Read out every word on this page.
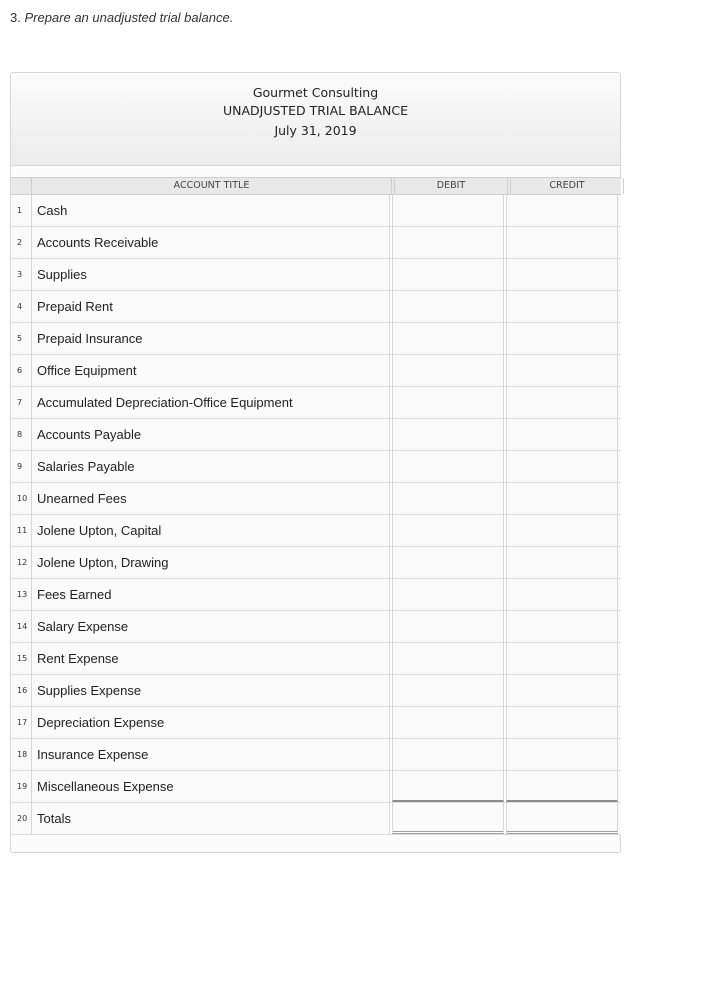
3. Prepare an unadjusted trial balance.
Gourmet Consulting
UNADJUSTED TRIAL BALANCE
July 31, 2019
ACCOUNT TITLE	DEBIT	CREDIT
1	Cash
2	Accounts Receivable
3	Supplies
4	Prepaid Rent
5	Prepaid Insurance
6	Office Equipment
7	Accumulated Depreciation-Office Equipment
8	Accounts Payable
9	Salaries Payable
10 Unearned Fees
11 Jolene Upton, Capital
12 Jolene Upton, Drawing
13 Fees Earned
14 Salary Expense
15 Rent Expense
16 Supplies Expense
17 Depreciation Expense
18 Insurance Expense
19 Miscellaneous Expense
20 Totals
